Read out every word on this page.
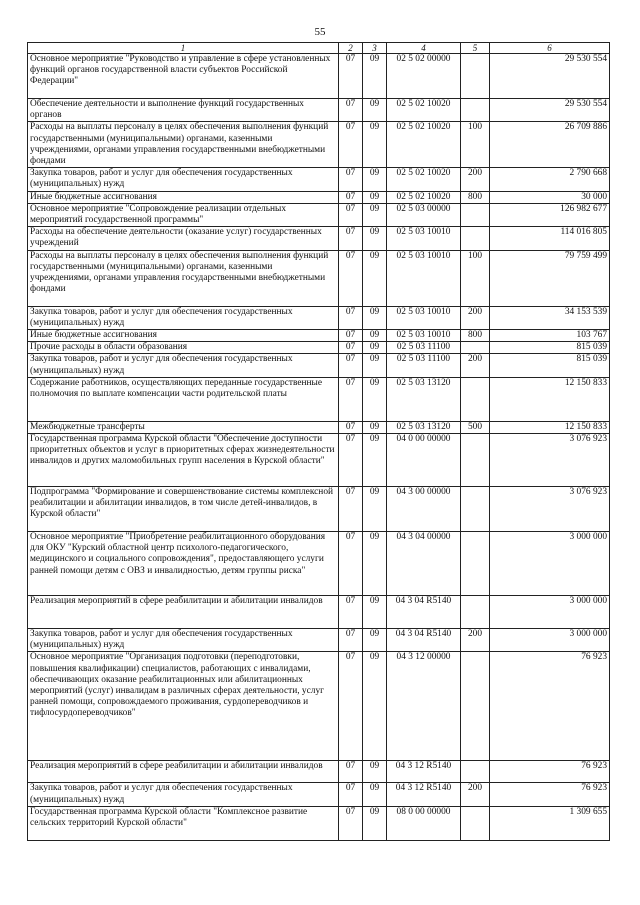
55
1	2	3	4	5	6
Основное мероприятие "Руководство и управление в сфере установленных функций органов государственной власти субъектов Российской Федерации"	07	09	02 5 02 00000		29 530 554
Обеспечение деятельности и выполнение функций государственных органов	07	09	02 5 02 10020		29 530 554
Расходы на выплаты персоналу в целях обеспечения выполнения функций государственными (муниципальными) органами, казенными учреждениями, органами управления государственными внебюджетными фондами	07	09	02 5 02 10020	100	26 709 886
Закупка товаров, работ и услуг для обеспечения государственных (муниципальных) нужд	07	09	02 5 02 10020	200	2 790 668
Иные бюджетные ассигнования	07	09	02 5 02 10020	800	30 000
Основное мероприятие "Сопровождение реализации отдельных мероприятий государственной программы"	07	09	02 5 03 00000		126 982 677
Расходы на обеспечение деятельности (оказание услуг) государственных учреждений	07	09	02 5 03 10010		114 016 805
Расходы на выплаты персоналу в целях обеспечения выполнения функций государственными (муниципальными) органами, казенными учреждениями, органами управления государственными внебюджетными фондами	07	09	02 5 03 10010	100	79 759 499
Закупка товаров, работ и услуг для обеспечения государственных (муниципальных) нужд	07	09	02 5 03 10010	200	34 153 539
Иные бюджетные ассигнования	07	09	02 5 03 10010	800	103 767
Прочие расходы в области образования	07	09	02 5 03 11100		815 039
Закупка товаров, работ и услуг для обеспечения государственных (муниципальных) нужд	07	09	02 5 03 11100	200	815 039
Содержание работников, осуществляющих переданные государственные полномочия по выплате компенсации части родительской платы	07	09	02 5 03 13120		12 150 833
Межбюджетные трансферты	07	09	02 5 03 13120	500	12 150 833
Государственная программа Курской области "Обеспечение доступности приоритетных объектов и услуг в приоритетных сферах жизнедеятельности инвалидов и других маломобильных групп населения в Курской области"	07	09	04 0 00 00000		3 076 923
Подпрограмма "Формирование и совершенствование системы комплексной реабилитации и абилитации инвалидов, в том числе детей-инвалидов, в Курской области"	07	09	04 3 00 00000		3 076 923
Основное мероприятие "Приобретение реабилитационного оборудования для ОКУ "Курский областной центр психолого-педагогического, медицинского и социального сопровождения", предоставляющего услуги ранней помощи детям с ОВЗ и инвалидностью, детям группы риска"	07	09	04 3 04 00000		3 000 000
Реализация мероприятий в сфере реабилитации и абилитации инвалидов	07	09	04 3 04 R5140		3 000 000
Закупка товаров, работ и услуг для обеспечения государственных (муниципальных) нужд	07	09	04 3 04 R5140	200	3 000 000
Основное мероприятие "Организация подготовки (переподготовки, повышения квалификации) специалистов, работающих с инвалидами, обеспечивающих оказание реабилитационных или абилитационных мероприятий (услуг) инвалидам в различных сферах деятельности, услуг ранней помощи, сопровождаемого проживания, сурдопереводчиков и тифлосурдопереводчиков"	07	09	04 3 12 00000		76 923
Реализация мероприятий в сфере реабилитации и абилитации инвалидов	07	09	04 3 12 R5140		76 923
Закупка товаров, работ и услуг для обеспечения государственных (муниципальных) нужд	07	09	04 3 12 R5140	200	76 923
Государственная программа Курской области "Комплексное развитие сельских территорий Курской области"	07	09	08 0 00 00000		1 309 655
